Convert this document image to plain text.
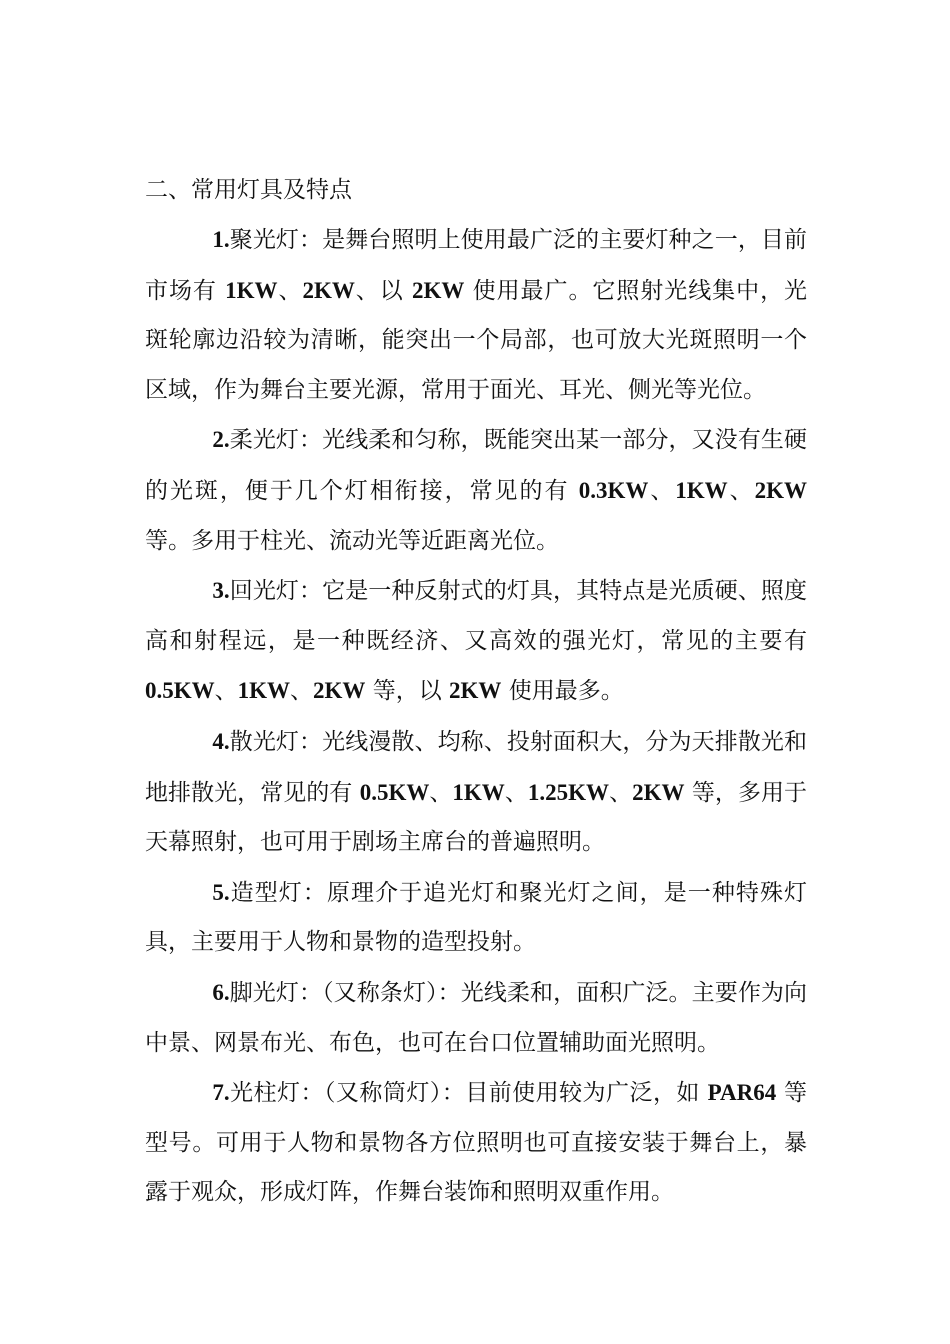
二、常用灯具及特点

1.聚光灯：是舞台照明上使用最广泛的主要灯种之一，目前市场有 1KW、2KW、以 2KW 使用最广。它照射光线集中，光斑轮廓边沿较为清晰，能突出一个局部，也可放大光斑照明一个区域，作为舞台主要光源，常用于面光、耳光、侧光等光位。

2.柔光灯：光线柔和匀称，既能突出某一部分，又没有生硬的光斑，便于几个灯相衔接，常见的有 0.3KW、1KW、2KW 等。多用于柱光、流动光等近距离光位。

3.回光灯：它是一种反射式的灯具，其特点是光质硬、照度高和射程远，是一种既经济、又高效的强光灯，常见的主要有 0.5KW、1KW、2KW 等，以 2KW 使用最多。

4.散光灯：光线漫散、均称、投射面积大，分为天排散光和地排散光，常见的有 0.5KW、1KW、1.25KW、2KW 等，多用于天幕照射，也可用于剧场主席台的普遍照明。

5.造型灯：原理介于追光灯和聚光灯之间，是一种特殊灯具，主要用于人物和景物的造型投射。

6.脚光灯：（又称条灯）：光线柔和，面积广泛。主要作为向中景、网景布光、布色，也可在台口位置辅助面光照明。

7.光柱灯：（又称筒灯）：目前使用较为广泛，如 PAR64 等型号。可用于人物和景物各方位照明也可直接安装于舞台上，暴露于观众，形成灯阵，作舞台装饰和照明双重作用。
